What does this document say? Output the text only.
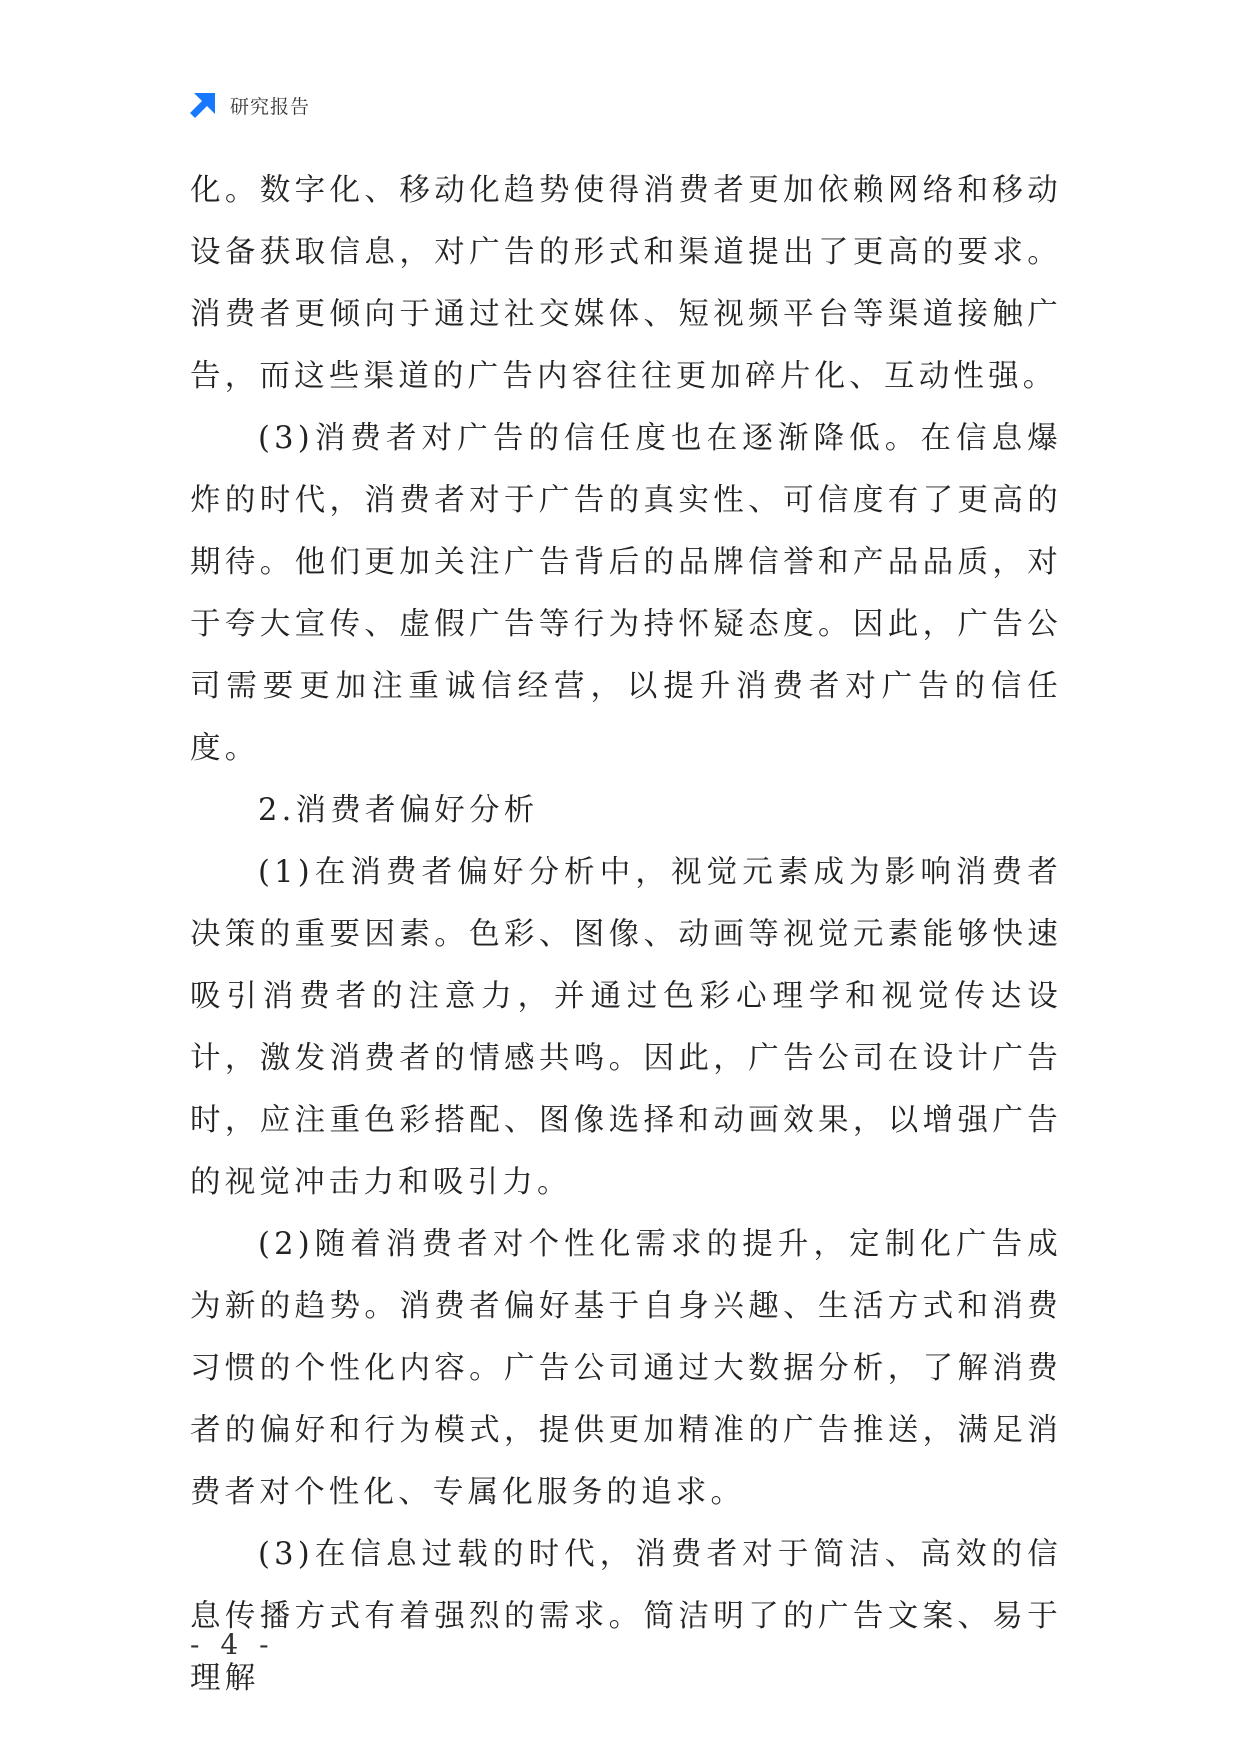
研究报告

化。数字化、移动化趋势使得消费者更加依赖网络和移动设备获取信息，对广告的形式和渠道提出了更高的要求。消费者更倾向于通过社交媒体、短视频平台等渠道接触广告，而这些渠道的广告内容往往更加碎片化、互动性强。

(3)消费者对广告的信任度也在逐渐降低。在信息爆炸的时代，消费者对于广告的真实性、可信度有了更高的期待。他们更加关注广告背后的品牌信誉和产品品质，对于夸大宣传、虚假广告等行为持怀疑态度。因此，广告公司需要更加注重诚信经营，以提升消费者对广告的信任度。

2.消费者偏好分析

(1)在消费者偏好分析中，视觉元素成为影响消费者决策的重要因素。色彩、图像、动画等视觉元素能够快速吸引消费者的注意力，并通过色彩心理学和视觉传达设计，激发消费者的情感共鸣。因此，广告公司在设计广告时，应注重色彩搭配、图像选择和动画效果，以增强广告的视觉冲击力和吸引力。

(2)随着消费者对个性化需求的提升，定制化广告成为新的趋势。消费者偏好基于自身兴趣、生活方式和消费习惯的个性化内容。广告公司通过大数据分析，了解消费者的偏好和行为模式，提供更加精准的广告推送，满足消费者对个性化、专属化服务的追求。

(3)在信息过载的时代，消费者对于简洁、高效的信息传播方式有着强烈的需求。简洁明了的广告文案、易于理解

- 4 -
